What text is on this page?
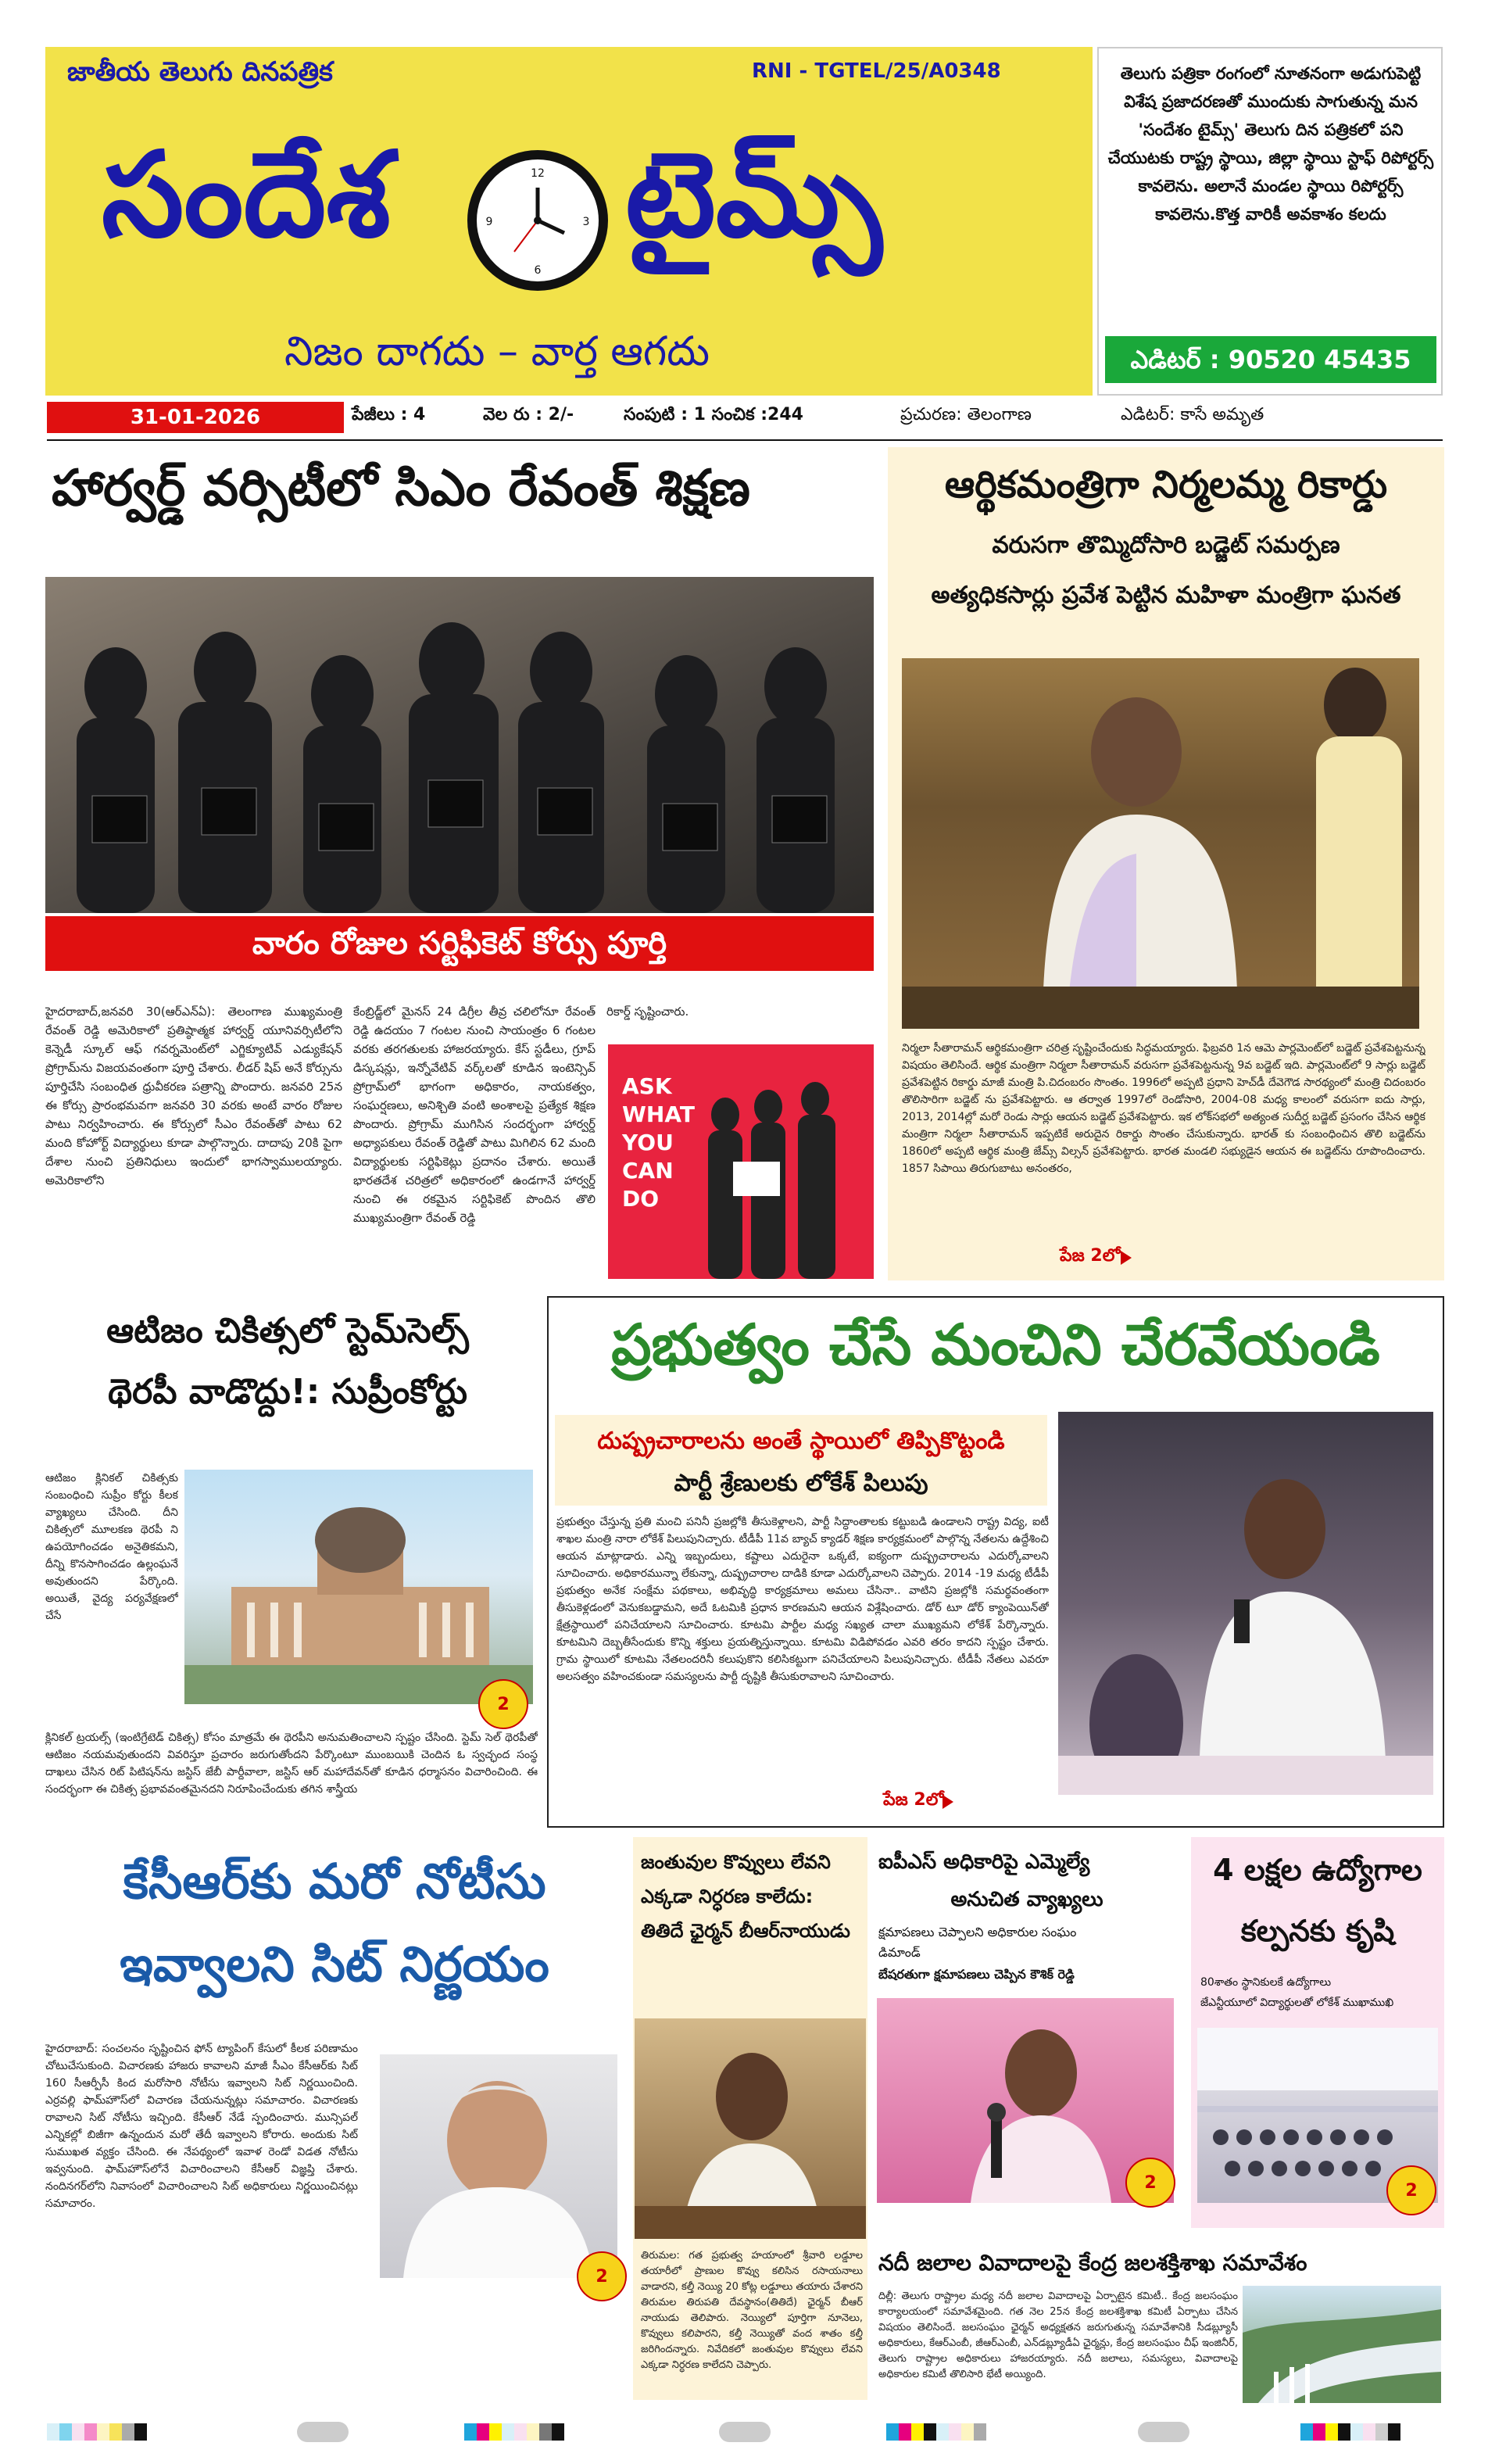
జాతీయ తెలుగు దినపత్రిక	RNI - TGTEL/25/A0348
సందేశ	12
3
6
9 టైమ్స్
నిజం దాగదు – వార్త ఆగదు
తెలుగు పత్రికా రంగంలో నూతనంగా అడుగుపెట్టి విశేష ప్రజాదరణతో ముందుకు సాగుతున్న మన 'సందేశం టైమ్స్' తెలుగు దిన పత్రికలో పని చేయుటకు రాష్ట్ర స్థాయి, జిల్లా స్థాయి స్టాఫ్ రిపోర్టర్స్ కావలెను. అలానే మండల స్థాయి రిపోర్టర్స్ కావలెను.కొత్త వారికీ అవకాశం కలదు
ఎడిటర్ : 90520 45435
31-01-2026	పేజీలు : 4	వెల రు : 2/-	సంపుటి : 1 సంచిక :244	ప్రచురణ: తెలంగాణ	ఎడిటర్: కాసే అమృత
హార్వర్డ్ వర్సిటీలో సిఎం రేవంత్ శిక్షణ
వారం రోజుల సర్టిఫికెట్ కోర్సు పూర్తి
హైదరాబాద్,జనవరి 30(ఆర్ఎన్ఏ): తెలంగాణ ముఖ్యమంత్రి రేవంత్ రెడ్డి అమెరికాలో ప్రతిష్ఠాత్మక హార్వర్డ్ యూనివర్సిటీలోని కెన్నెడీ స్కూల్ ఆఫ్ గవర్నమెంట్‌లో ఎగ్జిక్యూటివ్ ఎడ్యుకేషన్ ప్రోగ్రామ్‌ను విజయవంతంగా పూర్తి చేశారు. లీడర్ షిప్ అనే కోర్సును పూర్తిచేసి సంబంధిత ధ్రువీకరణ పత్రాన్ని పొందారు. జనవరి 25న ఈ కోర్సు ప్రారంభమవగా జనవరి 30 వరకు అంటే వారం రోజుల పాటు నిర్వహించారు. ఈ కోర్సులో సీఎం రేవంత్‌తో పాటు 62 మంది కోహోర్ట్ విద్యార్థులు కూడా పాల్గొన్నారు. దాదాపు 20కి పైగా దేశాల నుంచి ప్రతినిధులు ఇందులో భాగస్వాములయ్యారు. అమెరికాలోని
కేంబ్రిడ్జ్‌లో మైనస్ 24 డిగ్రీల తీవ్ర చలిలోనూ రేవంత్ రెడ్డి ఉదయం 7 గంటల నుంచి సాయంత్రం 6 గంటల వరకు తరగతులకు హాజరయ్యారు. కేస్ స్టడీలు, గ్రూప్ డిస్కషన్లు, ఇన్నోవేటివ్ వర్క్‌లతో కూడిన ఇంటెన్సివ్ ప్రోగ్రామ్‌లో భాగంగా అధికారం, నాయకత్వం, సంఘర్షణలు, అనిశ్చితి వంటి అంశాలపై ప్రత్యేక శిక్షణ పొందారు. ప్రోగ్రామ్ ముగిసిన సందర్భంగా హార్వర్డ్ అధ్యాపకులు రేవంత్ రెడ్డితో పాటు మిగిలిన 62 మంది విద్యార్థులకు సర్టిఫికెట్లు ప్రదానం చేశారు. అయితే భారతదేశ చరిత్రలో అధికారంలో ఉండగానే హార్వర్డ్ నుంచి ఈ రకమైన సర్టిఫికెట్ పొందిన తొలి ముఖ్యమంత్రిగా రేవంత్ రెడ్డి
రికార్డ్ సృష్టించారు.
ASK WHAT YOU CAN DO
ఆర్థికమంత్రిగా నిర్మలమ్మ రికార్డు
వరుసగా తొమ్మిదోసారి బడ్జెట్ సమర్పణ
అత్యధికసార్లు ప్రవేశ పెట్టిన మహిళా మంత్రిగా ఘనత
నిర్మలా సీతారామన్ ఆర్థికమంత్రిగా చరిత్ర సృష్టించేందుకు సిద్ధమయ్యారు. ఫిబ్రవరి 1న ఆమె పార్లమెంట్‌లో బడ్జెట్ ప్రవేశపెట్టనున్న విషయం తెలిసిందే. ఆర్థిక మంత్రిగా నిర్మలా సీతారామన్ వరుసగా ప్రవేశపెట్టనున్న 9వ బడ్జెట్ ఇది. పార్లమెంట్‌లో 9 సార్లు బడ్జెట్ ప్రవేశపెట్టిన రికార్డు మాజీ మంత్రి పి.చిదంబరం సొంతం. 1996లో అప్పటి ప్రధాని హెచ్‌డీ దేవెగౌడ సారథ్యంలో మంత్రి చిదంబరం తొలిసారిగా బడ్జెట్ ను ప్రవేశపెట్టారు. ఆ తర్వాత 1997లో రెండోసారి, 2004-08 మధ్య కాలంలో వరుసగా ఐదు సార్లు, 2013, 2014ల్లో మరో రెండు సార్లు ఆయన బడ్జెట్ ప్రవేశపెట్టారు. ఇక లోక్‌సభలో అత్యంత సుదీర్ఘ బడ్జెట్ ప్రసంగం చేసిన ఆర్థిక మంత్రిగా నిర్మలా సీతారామన్ ఇప్పటికే అరుదైన రికార్డు సొంతం చేసుకున్నారు. భారత్ కు సంబంధించిన తొలి బడ్జెట్‌ను 1860లో అప్పటి ఆర్థిక మంత్రి జేమ్స్ విల్సన్ ప్రవేశపెట్టారు. భారత మండలి సభ్యుడైన ఆయన ఈ బడ్జెట్‌ను రూపొందించారు. 1857 సిపాయి తిరుగుబాటు అనంతరం,
పేజ 2లో
ఆటిజం చికిత్సలో స్టెమ్‌సెల్స్
థెరపీ వాడొద్దు!: సుప్రీంకోర్టు
ఆటిజం క్లినికల్ చికిత్సకు సంబంధించి సుప్రీం కోర్టు కీలక వ్యాఖ్యలు చేసింది. దీని చికిత్సలో మూలకణ థెరపీ ని ఉపయోగించడం అనైతికమని, దీన్ని కొనసాగించడం ఉల్లంఘనే అవుతుందని పేర్కొంది. అయితే, వైద్య పర్యవేక్షణలో చేసే
2
క్లినికల్ ట్రయల్స్ (ఇంటిగ్రేటెడ్ చికిత్స) కోసం మాత్రమే ఈ థెరపీని అనుమతించాలని స్పష్టం చేసింది. స్టెమ్ సెల్ థెరపీతో ఆటిజం నయమవుతుందని వివరిస్తూ ప్రచారం జరుగుతోందని పేర్కొంటూ ముంబయికి చెందిన ఓ స్వచ్ఛంద సంస్థ దాఖలు చేసిన రిట్ పిటిషన్‌ను జస్టిస్ జేబీ పార్దీవాలా, జస్టిస్ ఆర్ మహాదేవన్‌తో కూడిన ధర్మాసనం విచారించింది. ఈ సందర్భంగా ఈ చికిత్స ప్రభావవంతమైనదని నిరూపించేందుకు తగిన శాస్త్రీయ
ప్రభుత్వం చేసే మంచిని చేరవేయండి
దుష్ప్రచారాలను అంతే స్థాయిలో తిప్పికొట్టండి
పార్టీ శ్రేణులకు లోకేశ్ పిలుపు
ప్రభుత్వం చేస్తున్న ప్రతి మంచి పనినీ ప్రజల్లోకి తీసుకెళ్లాలని, పార్టీ సిద్ధాంతాలకు కట్టుబడి ఉండాలని రాష్ట్ర విద్య, ఐటీ శాఖల మంత్రి నారా లోకేశ్ పిలుపునిచ్చారు. టీడీపీ 11వ బ్యాచ్ క్యాడర్ శిక్షణ కార్యక్రమంలో పాల్గొన్న నేతలను ఉద్దేశించి ఆయన మాట్లాడారు. ఎన్ని ఇబ్బందులు, కష్టాలు ఎదురైనా ఒక్కటే, ఐక్యంగా దుష్ప్రచారాలను ఎదుర్కోవాలని సూచించారు. అధికారమున్నా లేకున్నా, దుష్ప్రచారాల దాడికి కూడా ఎదుర్కోవాలని చెప్పారు. 2014 -19 మధ్య టీడీపీ ప్రభుత్వం అనేక సంక్షేమ పథకాలు, అభివృద్ధి కార్యక్రమాలు అమలు చేసినా.. వాటిని ప్రజల్లోకి సమర్థవంతంగా తీసుకెళ్లడంలో వెనుకబడ్డామని, అదే ఓటమికి ప్రధాన కారణమని ఆయన విశ్లేషించారు. డోర్ టూ డోర్ క్యాంపెయిన్‌తో క్షేత్రస్థాయిలో పనిచేయాలని సూచించారు. కూటమి పార్టీల మధ్య సఖ్యత చాలా ముఖ్యమని లోకేశ్ పేర్కొన్నారు. కూటమిని దెబ్బతీసేందుకు కొన్ని శక్తులు ప్రయత్నిస్తున్నాయి. కూటమి విడిపోవడం ఎవరి తరం కాదని స్పష్టం చేశారు. గ్రామ స్థాయిలో కూటమి నేతలందరినీ కలుపుకొని కలిసికట్టుగా పనిచేయాలని పిలుపునిచ్చారు. టీడీపీ నేతలు ఎవరూ అలసత్వం వహించకుండా సమస్యలను పార్టీ దృష్టికి తీసుకురావాలని సూచించారు.
పేజ 2లో
కేసీఆర్‌కు మరో నోటీసు
ఇవ్వాలని సిట్ నిర్ణయం
హైదరాబాద్: సంచలనం సృష్టించిన ఫోన్ ట్యాపింగ్ కేసులో కీలక పరిణామం చోటుచేసుకుంది. విచారణకు హాజరు కావాలని మాజీ సీఎం కేసీఆర్‌కు సిట్ 160 సీఆర్పీసీ కింద మరోసారి నోటీసు ఇవ్వాలని సిట్ నిర్ణయించింది. ఎర్రవల్లి ఫామ్‌హౌస్‌లో విచారణ చేయనున్నట్లు సమాచారం. విచారణకు రావాలని సిట్ నోటీసు ఇచ్చింది. కేసీఆర్ నేడే స్పందించారు. మున్సిపల్ ఎన్నికల్లో బిజీగా ఉన్నందున మరో తేదీ ఇవ్వాలని కోరారు. అందుకు సిట్ సుముఖత వ్యక్తం చేసింది. ఈ నేపథ్యంలో ఇవాళ రెండో విడత నోటీసు ఇవ్వనుంది. ఫామ్‌హౌస్‌లోనే విచారించాలని కేసీఆర్ విజ్ఞప్తి చేశారు. నందినగర్‌లోని నివాసంలో విచారించాలని సిట్ అధికారులు నిర్ణయించినట్లు సమాచారం.
2
జంతువుల కొవ్వులు లేవని ఎక్కడా నిర్ధరణ కాలేదు: తితిదే ఛైర్మన్ బీఆర్‌నాయుడు
తిరుమల: గత ప్రభుత్వ హయాంలో శ్రీవారి లడ్డూల తయారీలో ప్రాణుల కొవ్వు కలిసిన రసాయనాలు వాడారని, కల్తీ నెయ్యి 20 కోట్ల లడ్డూలు తయారు చేశారని తిరుమల తిరుపతి దేవస్థానం(తితిదే) ఛైర్మన్ బీఆర్ నాయుడు తెలిపారు. నెయ్యిలో పూర్తిగా నూనెలు, కొవ్వులు కలిపారని, కల్తీ నెయ్యితో వంద శాతం కల్తీ జరిగిందన్నారు. నివేదికలో జంతువుల కొవ్వులు లేవని ఎక్కడా నిర్ధరణ కాలేదని చెప్పారు.
ఐపీఎస్ అధికారిపై ఎమ్మెల్యే
అనుచిత వ్యాఖ్యలు
క్షమాపణలు చెప్పాలని అధికారుల సంఘం
డిమాండ్
బేషరతుగా క్షమాపణలు చెప్పిన కౌశిక్ రెడ్డి
2
4 లక్షల ఉద్యోగాల
కల్పనకు కృషి
80శాతం స్థానికులకే ఉద్యోగాలు
జేఎన్టీయూలో విద్యార్థులతో లోకేశ్ ముఖాముఖి
2
నదీ జలాల వివాదాలపై కేంద్ర జలశక్తిశాఖ సమావేశం
దిల్లీ: తెలుగు రాష్ట్రాల మధ్య నదీ జలాల వివాదాలపై ఏర్పాటైన కమిటీ.. కేంద్ర జలసంఘం కార్యాలయంలో సమావేశమైంది. గత నెల 25న కేంద్ర జలశక్తిశాఖ కమిటీ ఏర్పాటు చేసిన విషయం తెలిసిందే. జలసంఘం ఛైర్మన్ అధ్యక్షతన జరుగుతున్న సమావేశానికి సీడబ్ల్యూసీ అధికారులు, కేఆర్ఎంబీ, జీఆర్ఎంబీ, ఎన్‌డబ్ల్యూడీఏ ఛైర్మన్లు, కేంద్ర జలసంఘం చీఫ్ ఇంజినీర్, తెలుగు రాష్ట్రాల అధికారులు హాజరయ్యారు. నదీ జలాలు, సమస్యలు, వివాదాలపై అధికారుల కమిటీ తొలిసారి భేటీ అయ్యింది.
